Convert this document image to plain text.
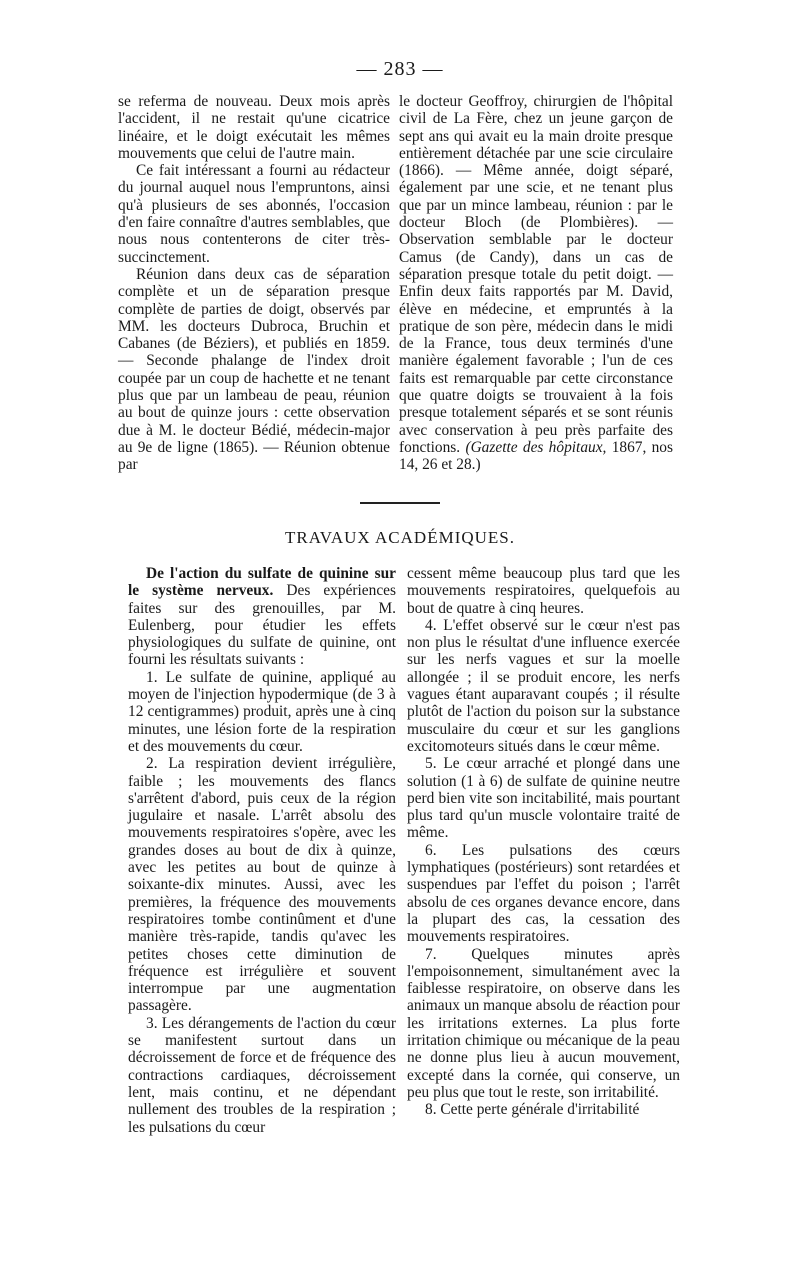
— 283 —

se referma de nouveau. Deux mois après l'accident, il ne restait qu'une cicatrice linéaire, et le doigt exécutait les mêmes mouvements que celui de l'autre main.

Ce fait intéressant a fourni au rédacteur du journal auquel nous l'empruntons, ainsi qu'à plusieurs de ses abonnés, l'occasion d'en faire connaître d'autres semblables, que nous nous contenterons de citer très-succinctement.

Réunion dans deux cas de séparation complète et un de séparation presque complète de parties de doigt, observés par MM. les docteurs Dubroca, Bruchin et Cabanes (de Béziers), et publiés en 1859. — Seconde phalange de l'index droit coupée par un coup de hachette et ne tenant plus que par un lambeau de peau, réunion au bout de quinze jours : cette observation due à M. le docteur Bédié, médecin-major au 9e de ligne (1865). — Réunion obtenue par

le docteur Geoffroy, chirurgien de l'hôpital civil de La Fère, chez un jeune garçon de sept ans qui avait eu la main droite presque entièrement détachée par une scie circulaire (1866). — Même année, doigt séparé, également par une scie, et ne tenant plus que par un mince lambeau, réunion : par le docteur Bloch (de Plombières). — Observation semblable par le docteur Camus (de Candy), dans un cas de séparation presque totale du petit doigt. — Enfin deux faits rapportés par M. David, élève en médecine, et empruntés à la pratique de son père, médecin dans le midi de la France, tous deux terminés d'une manière également favorable ; l'un de ces faits est remarquable par cette circonstance que quatre doigts se trouvaient à la fois presque totalement séparés et se sont réunis avec conservation à peu près parfaite des fonctions. (Gazette des hôpitaux, 1867, nos 14, 26 et 28.)

TRAVAUX ACADÉMIQUES.

De l'action du sulfate de quinine sur le système nerveux. Des expériences faites sur des grenouilles, par M. Eulenberg, pour étudier les effets physiologiques du sulfate de quinine, ont fourni les résultats suivants :

1. Le sulfate de quinine, appliqué au moyen de l'injection hypodermique (de 3 à 12 centigrammes) produit, après une à cinq minutes, une lésion forte de la respiration et des mouvements du cœur.

2. La respiration devient irrégulière, faible ; les mouvements des flancs s'arrêtent d'abord, puis ceux de la région jugulaire et nasale. L'arrêt absolu des mouvements respiratoires s'opère, avec les grandes doses au bout de dix à quinze, avec les petites au bout de quinze à soixante-dix minutes. Aussi, avec les premières, la fréquence des mouvements respiratoires tombe continûment et d'une manière très-rapide, tandis qu'avec les petites choses cette diminution de fréquence est irrégulière et souvent interrompue par une augmentation passagère.

3. Les dérangements de l'action du cœur se manifestent surtout dans un décroissement de force et de fréquence des contractions cardiaques, décroissement lent, mais continu, et ne dépendant nullement des troubles de la respiration ; les pulsations du cœur

cessent même beaucoup plus tard que les mouvements respiratoires, quelquefois au bout de quatre à cinq heures.

4. L'effet observé sur le cœur n'est pas non plus le résultat d'une influence exercée sur les nerfs vagues et sur la moelle allongée ; il se produit encore, les nerfs vagues étant auparavant coupés ; il résulte plutôt de l'action du poison sur la substance musculaire du cœur et sur les ganglions excitomoteurs situés dans le cœur même.

5. Le cœur arraché et plongé dans une solution (1 à 6) de sulfate de quinine neutre perd bien vite son incitabilité, mais pourtant plus tard qu'un muscle volontaire traité de même.

6. Les pulsations des cœurs lymphatiques (postérieurs) sont retardées et suspendues par l'effet du poison ; l'arrêt absolu de ces organes devance encore, dans la plupart des cas, la cessation des mouvements respiratoires.

7. Quelques minutes après l'empoisonnement, simultanément avec la faiblesse respiratoire, on observe dans les animaux un manque absolu de réaction pour les irritations externes. La plus forte irritation chimique ou mécanique de la peau ne donne plus lieu à aucun mouvement, excepté dans la cornée, qui conserve, un peu plus que tout le reste, son irritabilité.

8. Cette perte générale d'irritabilité
